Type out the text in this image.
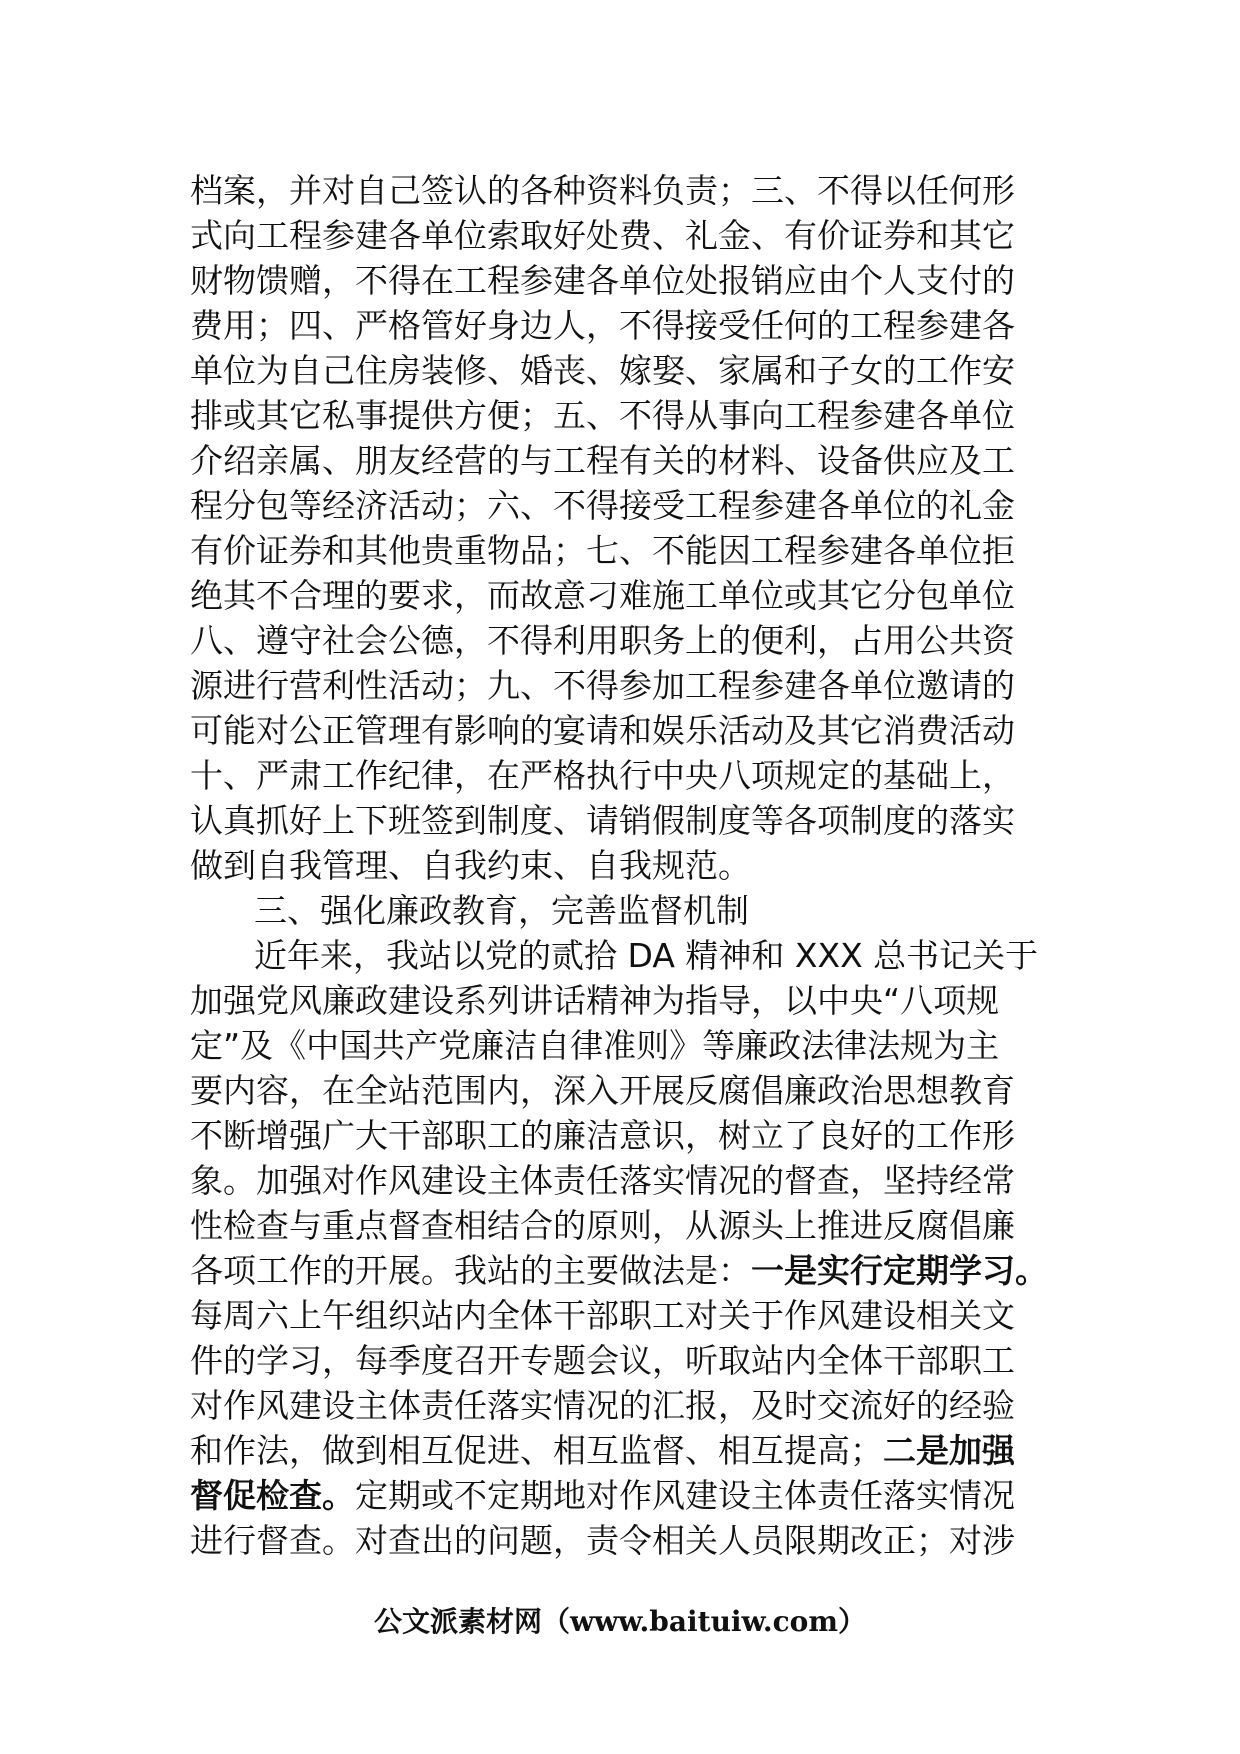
档案，并对自己签认的各种资料负责；三、不得以任何形
式向工程参建各单位索取好处费、礼金、有价证券和其它
财物馈赠，不得在工程参建各单位处报销应由个人支付的
费用；四、严格管好身边人，不得接受任何的工程参建各
单位为自己住房装修、婚丧、嫁娶、家属和子女的工作安
排或其它私事提供方便；五、不得从事向工程参建各单位
介绍亲属、朋友经营的与工程有关的材料、设备供应及工
程分包等经济活动；六、不得接受工程参建各单位的礼金
有价证券和其他贵重物品；七、不能因工程参建各单位拒
绝其不合理的要求，而故意刁难施工单位或其它分包单位
八、遵守社会公德，不得利用职务上的便利，占用公共资
源进行营利性活动；九、不得参加工程参建各单位邀请的
可能对公正管理有影响的宴请和娱乐活动及其它消费活动
十、严肃工作纪律，在严格执行中央八项规定的基础上，
认真抓好上下班签到制度、请销假制度等各项制度的落实
做到自我管理、自我约束、自我规范。
三、强化廉政教育，完善监督机制
近年来，我站以党的贰拾 DA 精神和 XXX 总书记关于
加强党风廉政建设系列讲话精神为指导，以中央“八项规
定”及《中国共产党廉洁自律准则》等廉政法律法规为主
要内容，在全站范围内，深入开展反腐倡廉政治思想教育
不断增强广大干部职工的廉洁意识，树立了良好的工作形
象。加强对作风建设主体责任落实情况的督查，坚持经常
性检查与重点督查相结合的原则，从源头上推进反腐倡廉
各项工作的开展。我站的主要做法是：一是实行定期学习。
每周六上午组织站内全体干部职工对关于作风建设相关文
件的学习，每季度召开专题会议，听取站内全体干部职工
对作风建设主体责任落实情况的汇报，及时交流好的经验
和作法，做到相互促进、相互监督、相互提高；二是加强
督促检查。定期或不定期地对作风建设主体责任落实情况
进行督查。对查出的问题，责令相关人员限期改正；对涉
公文派素材网（www.baituiw.com）
